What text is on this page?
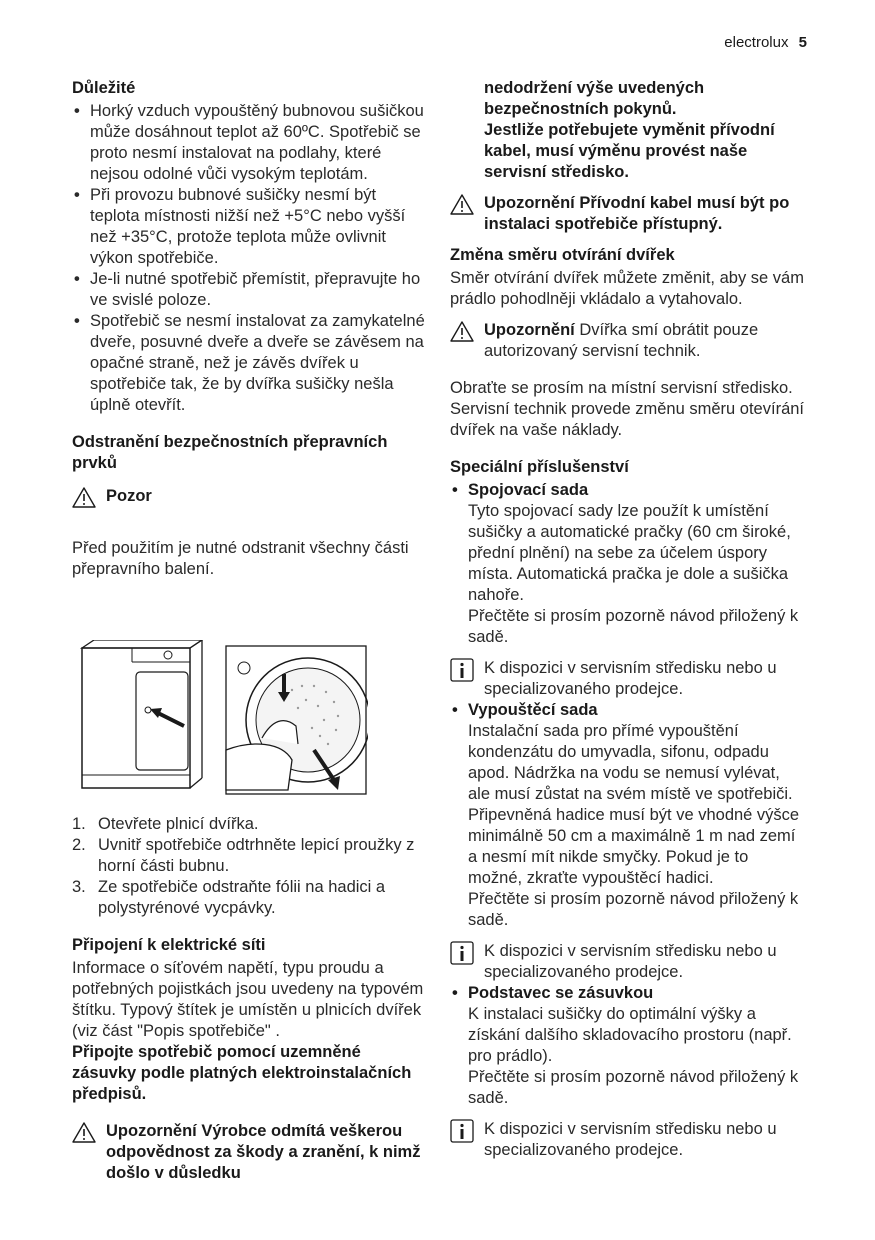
electrolux 5
Důležité
• Horký vzduch vypouštěný bubnovou sušičkou může dosáhnout teplot až 60ºC. Spotřebič se proto nesmí instalovat na podlahy, které nejsou odolné vůči vysokým teplotám.
• Při provozu bubnové sušičky nesmí být teplota místnosti nižší než +5°C nebo vyšší než +35°C, protože teplota může ovlivnit výkon spotřebiče.
• Je-li nutné spotřebič přemístit, přepravujte ho ve svislé poloze.
• Spotřebič se nesmí instalovat za zamykatelné dveře, posuvné dveře a dveře se závěsem na opačné straně, než je závěs dvířek u spotřebiče tak, že by dvířka sušičky nešla úplně otevřít.
Odstranění bezpečnostních přepravních prvků
Pozor

Před použitím je nutné odstranit všechny části přepravního balení.

1. Otevřete plnicí dvířka.
2. Uvnitř spotřebiče odtrhněte lepicí proužky z horní části bubnu.
3. Ze spotřebiče odstraňte fólii na hadici a polystyrénové vycpávky.
Připojení k elektrické síti

Informace o síťovém napětí, typu proudu a potřebných pojistkách jsou uvedeny na typovém štítku. Typový štítek je umístěn u plnicích dvířek (viz část "Popis spotřebiče" .

Připojte spotřebič pomocí uzemněné zásuvky podle platných elektroinstalačních předpisů.

Upozornění Výrobce odmítá veškerou odpovědnost za škody a zranění, k nimž došlo v důsledku

nedodržení výše uvedených bezpečnostních pokynů.

Jestliže potřebujete vyměnit přívodní kabel, musí výměnu provést naše servisní středisko.

Upozornění Přívodní kabel musí být po instalaci spotřebiče přístupný.
Změna směru otvírání dvířek

Směr otvírání dvířek můžete změnit, aby se vám prádlo pohodlněji vkládalo a vytahovalo.

Upozornění Dvířka smí obrátit pouze autorizovaný servisní technik.

Obraťte se prosím na místní servisní středisko. Servisní technik provede změnu směru otevírání dvířek na vaše náklady.

Speciální příslušenství
• Spojovací sada
Tyto spojovací sady lze použít k umístění sušičky a automatické pračky (60 cm široké, přední plnění) na sebe za účelem úspory místa. Automatická pračka je dole a sušička nahoře.
Přečtěte si prosím pozorně návod přiložený k sadě.
K dispozici v servisním středisku nebo u specializovaného prodejce.
• Vypouštěcí sada
Instalační sada pro přímé vypouštění kondenzátu do umyvadla, sifonu, odpadu apod. Nádržka na vodu se nemusí vylévat, ale musí zůstat na svém místě ve spotřebiči.
Připevněná hadice musí být ve vhodné výšce minimálně 50 cm a maximálně 1 m nad zemí a nesmí mít nikde smyčky. Pokud je to možné, zkraťte vypouštěcí hadici.
Přečtěte si prosím pozorně návod přiložený k sadě.
K dispozici v servisním středisku nebo u specializovaného prodejce.
• Podstavec se zásuvkou
K instalaci sušičky do optimální výšky a získání dalšího skladovacího prostoru (např. pro prádlo).
Přečtěte si prosím pozorně návod přiložený k sadě.
K dispozici v servisním středisku nebo u specializovaného prodejce.
